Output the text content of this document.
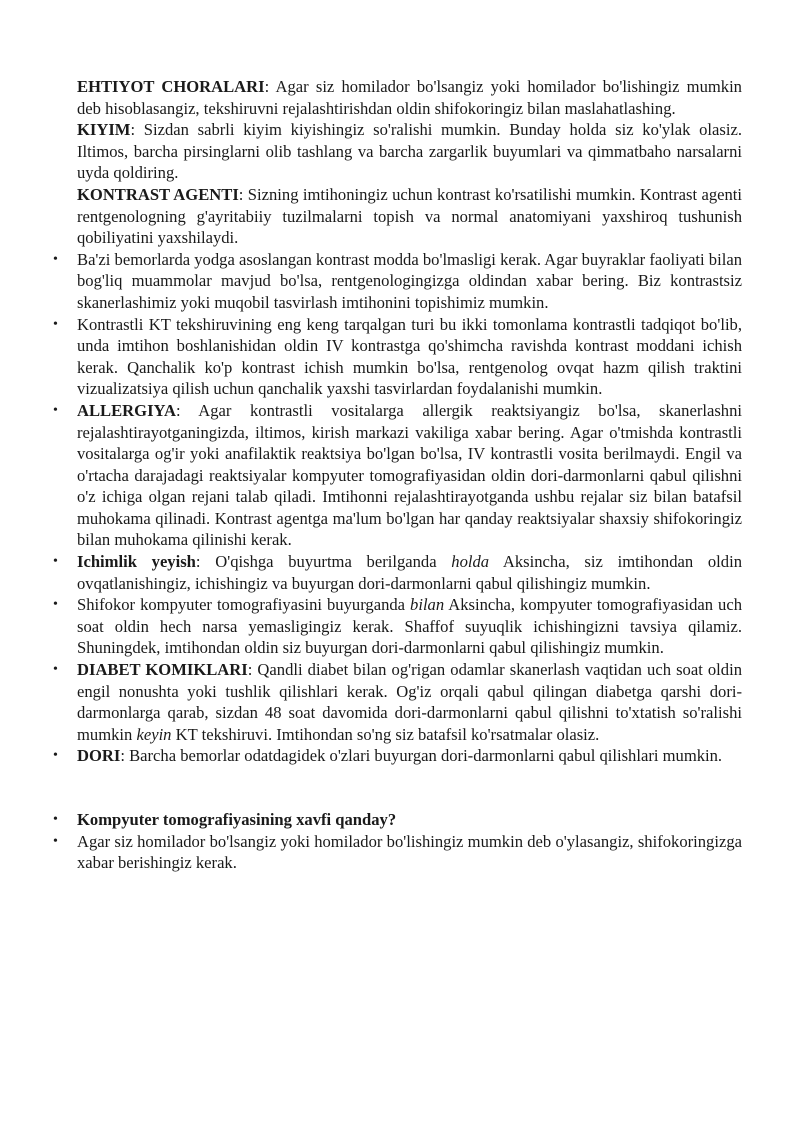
EHTIYOT CHORALARI: Agar siz homilador bo'lsangiz yoki homilador bo'lishingiz mumkin deb hisoblasangiz, tekshiruvni rejalashtirishdan oldin shifokoringiz bilan maslahatlashing.

KIYIM: Sizdan sabrli kiyim kiyishingiz so'ralishi mumkin. Bunday holda siz ko'ylak olasiz. Iltimos, barcha pirsinglarni olib tashlang va barcha zargarlik buyumlari va qimmatbaho narsalarni uyda qoldiring.

KONTRAST AGENTI: Sizning imtihoningiz uchun kontrast ko'rsatilishi mumkin. Kontrast agenti rentgenologning g'ayritabiiy tuzilmalarni topish va normal anatomiyani yaxshiroq tushunish qobiliyatini yaxshilaydi.

• Ba'zi bemorlarda yodga asoslangan kontrast modda bo'lmasligi kerak. Agar buyraklar faoliyati bilan bog'liq muammolar mavjud bo'lsa, rentgenologingizga oldindan xabar bering. Biz kontrastsiz skanerlashimiz yoki muqobil tasvirlash imtihonini topishimiz mumkin.
• Kontrastli KT tekshiruvining eng keng tarqalgan turi bu ikki tomonlama kontrastli tadqiqot bo'lib, unda imtihon boshlanishidan oldin IV kontrastga qo'shimcha ravishda kontrast moddani ichish kerak. Qanchalik ko'p kontrast ichish mumkin bo'lsa, rentgenolog ovqat hazm qilish traktini vizualizatsiya qilish uchun qanchalik yaxshi tasvirlardan foydalanishi mumkin.
• ALLERGIYA: Agar kontrastli vositalarga allergik reaktsiyangiz bo'lsa, skanerlashni rejalashtirayotganingizda, iltimos, kirish markazi vakiliga xabar bering. Agar o'tmishda kontrastli vositalarga og'ir yoki anafilaktik reaktsiya bo'lgan bo'lsa, IV kontrastli vosita berilmaydi. Engil va o'rtacha darajadagi reaktsiyalar kompyuter tomografiyasidan oldin dori-darmonlarni qabul qilishni o'z ichiga olgan rejani talab qiladi. Imtihonni rejalashtirayotganda ushbu rejalar siz bilan batafsil muhokama qilinadi. Kontrast agentga ma'lum bo'lgan har qanday reaktsiyalar shaxsiy shifokoringiz bilan muhokama qilinishi kerak.
• Ichimlik yeyish: O'qishga buyurtma berilganda holda Aksincha, siz imtihondan oldin ovqatlanishingiz, ichishingiz va buyurgan dori-darmonlarni qabul qilishingiz mumkin.
• Shifokor kompyuter tomografiyasini buyurganda bilan Aksincha, kompyuter tomografiyasidan uch soat oldin hech narsa yemasligingiz kerak. Shaffof suyuqlik ichishingizni tavsiya qilamiz. Shuningdek, imtihondan oldin siz buyurgan dori-darmonlarni qabul qilishingiz mumkin.
• DIABET KOMIKLARI: Qandli diabet bilan og'rigan odamlar skanerlash vaqtidan uch soat oldin engil nonushta yoki tushlik qilishlari kerak. Og'iz orqali qabul qilingan diabetga qarshi dori-darmonlarga qarab, sizdan 48 soat davomida dori-darmonlarni qabul qilishni to'xtatish so'ralishi mumkin keyin KT tekshiruvi. Imtihondan so'ng siz batafsil ko'rsatmalar olasiz.
• DORI: Barcha bemorlar odatdagidek o'zlari buyurgan dori-darmonlarni qabul qilishlari mumkin.
• Kompyuter tomografiyasining xavfi qanday?
• Agar siz homilador bo'lsangiz yoki homilador bo'lishingiz mumkin deb o'ylasangiz, shifokoringizga xabar berishingiz kerak.
